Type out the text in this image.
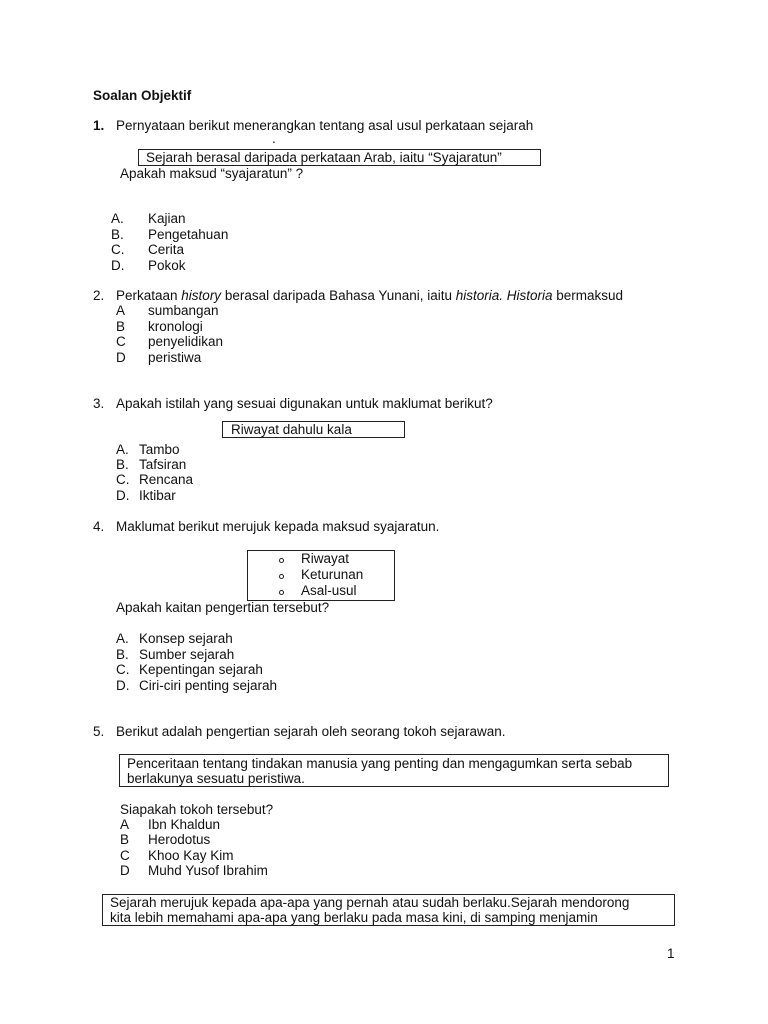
Soalan Objektif
1. Pernyataan berikut menerangkan tentang asal usul perkataan sejarah
.
Sejarah berasal daripada perkataan Arab, iaitu “Syajaratun”
Apakah maksud “syajaratun” ?
A. Kajian
B. Pengetahuan
C. Cerita
D. Pokok
2. Perkataan history berasal daripada Bahasa Yunani, iaitu historia. Historia bermaksud
A sumbangan
B kronologi
C penyelidikan
D peristiwa
3. Apakah istilah yang sesuai digunakan untuk maklumat berikut?
Riwayat dahulu kala
A. Tambo
B. Tafsiran
C. Rencana
D. Iktibar
4. Maklumat berikut merujuk kepada maksud syajaratun.
Riwayat
Keturunan
Asal-usul
Apakah kaitan pengertian tersebut?
A. Konsep sejarah
B. Sumber sejarah
C. Kepentingan sejarah
D. Ciri-ciri penting sejarah
5. Berikut adalah pengertian sejarah oleh seorang tokoh sejarawan.
Penceritaan tentang tindakan manusia yang penting dan mengagumkan serta sebab
berlakunya sesuatu peristiwa.
Siapakah tokoh tersebut?
A Ibn Khaldun
B Herodotus
C Khoo Kay Kim
D Muhd Yusof Ibrahim
Sejarah merujuk kepada apa-apa yang pernah atau sudah berlaku.Sejarah mendorong
kita lebih memahami apa-apa yang berlaku pada masa kini, di samping menjamin
1
